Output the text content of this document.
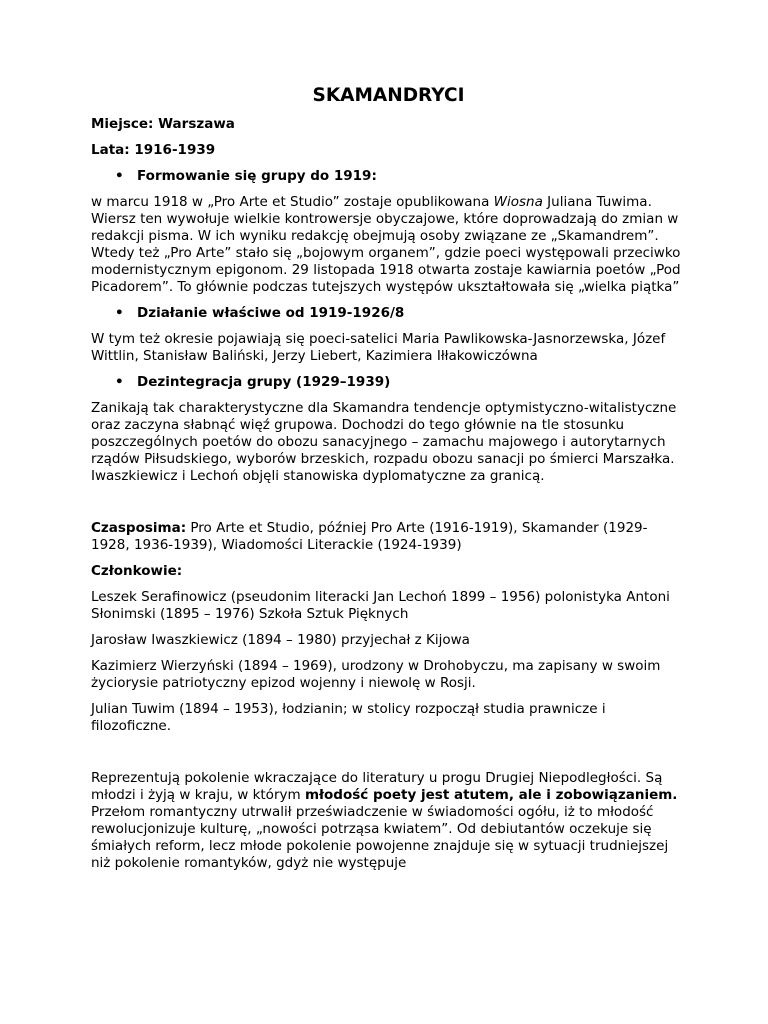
SKAMANDRYCI

Miejsce: Warszawa

Lata: 1916-1939

• Formowanie się grupy do 1919:

w marcu 1918 w „Pro Arte et Studio” zostaje opublikowana Wiosna Juliana Tuwima. Wiersz ten wywołuje wielkie kontrowersje obyczajowe, które doprowadzają do zmian w redakcji pisma. W ich wyniku redakcję obejmują osoby związane ze „Skamandrem”. Wtedy też „Pro Arte” stało się „bojowym organem”, gdzie poeci występowali przeciwko modernistycznym epigonom. 29 listopada 1918 otwarta zostaje kawiarnia poetów „Pod Picadorem”. To głównie podczas tutejszych występów ukształtowała się „wielka piątka”

• Działanie właściwe od 1919-1926/8

W tym też okresie pojawiają się poeci-satelici Maria Pawlikowska-Jasnorzewska, Józef Wittlin, Stanisław Baliński, Jerzy Liebert, Kazimiera Iłłakowiczówna

• Dezintegracja grupy (1929–1939)

Zanikają tak charakterystyczne dla Skamandra tendencje optymistyczno-witalistyczne oraz zaczyna słabnąć więź grupowa. Dochodzi do tego głównie na tle stosunku poszczególnych poetów do obozu sanacyjnego – zamachu majowego i autorytarnych rządów Piłsudskiego, wyborów brzeskich, rozpadu obozu sanacji po śmierci Marszałka. Iwaszkiewicz i Lechoń objęli stanowiska dyplomatyczne za granicą.

Czasposima: Pro Arte et Studio, później Pro Arte (1916-1919), Skamander (1929-1928, 1936-1939), Wiadomości Literackie (1924-1939)

Członkowie:

Leszek Serafinowicz (pseudonim literacki Jan Lechoń 1899 – 1956) polonistyka Antoni Słonimski (1895 – 1976) Szkoła Sztuk Pięknych

Jarosław Iwaszkiewicz (1894 – 1980) przyjechał z Kijowa

Kazimierz Wierzyński (1894 – 1969), urodzony w Drohobyczu, ma zapisany w swoim życiorysie patriotyczny epizod wojenny i niewolę w Rosji.

Julian Tuwim (1894 – 1953), łodzianin; w stolicy rozpoczął studia prawnicze i filozoficzne.

Reprezentują pokolenie wkraczające do literatury u progu Drugiej Niepodległości. Są młodzi i żyją w kraju, w którym młodość poety jest atutem, ale i zobowiązaniem. Przełom romantyczny utrwalił przeświadczenie w świadomości ogółu, iż to młodość rewolucjonizuje kulturę, „nowości potrząsa kwiatem”. Od debiutantów oczekuje się śmiałych reform, lecz młode pokolenie powojenne znajduje się w sytuacji trudniejszej niż pokolenie romantyków, gdyż nie występuje
